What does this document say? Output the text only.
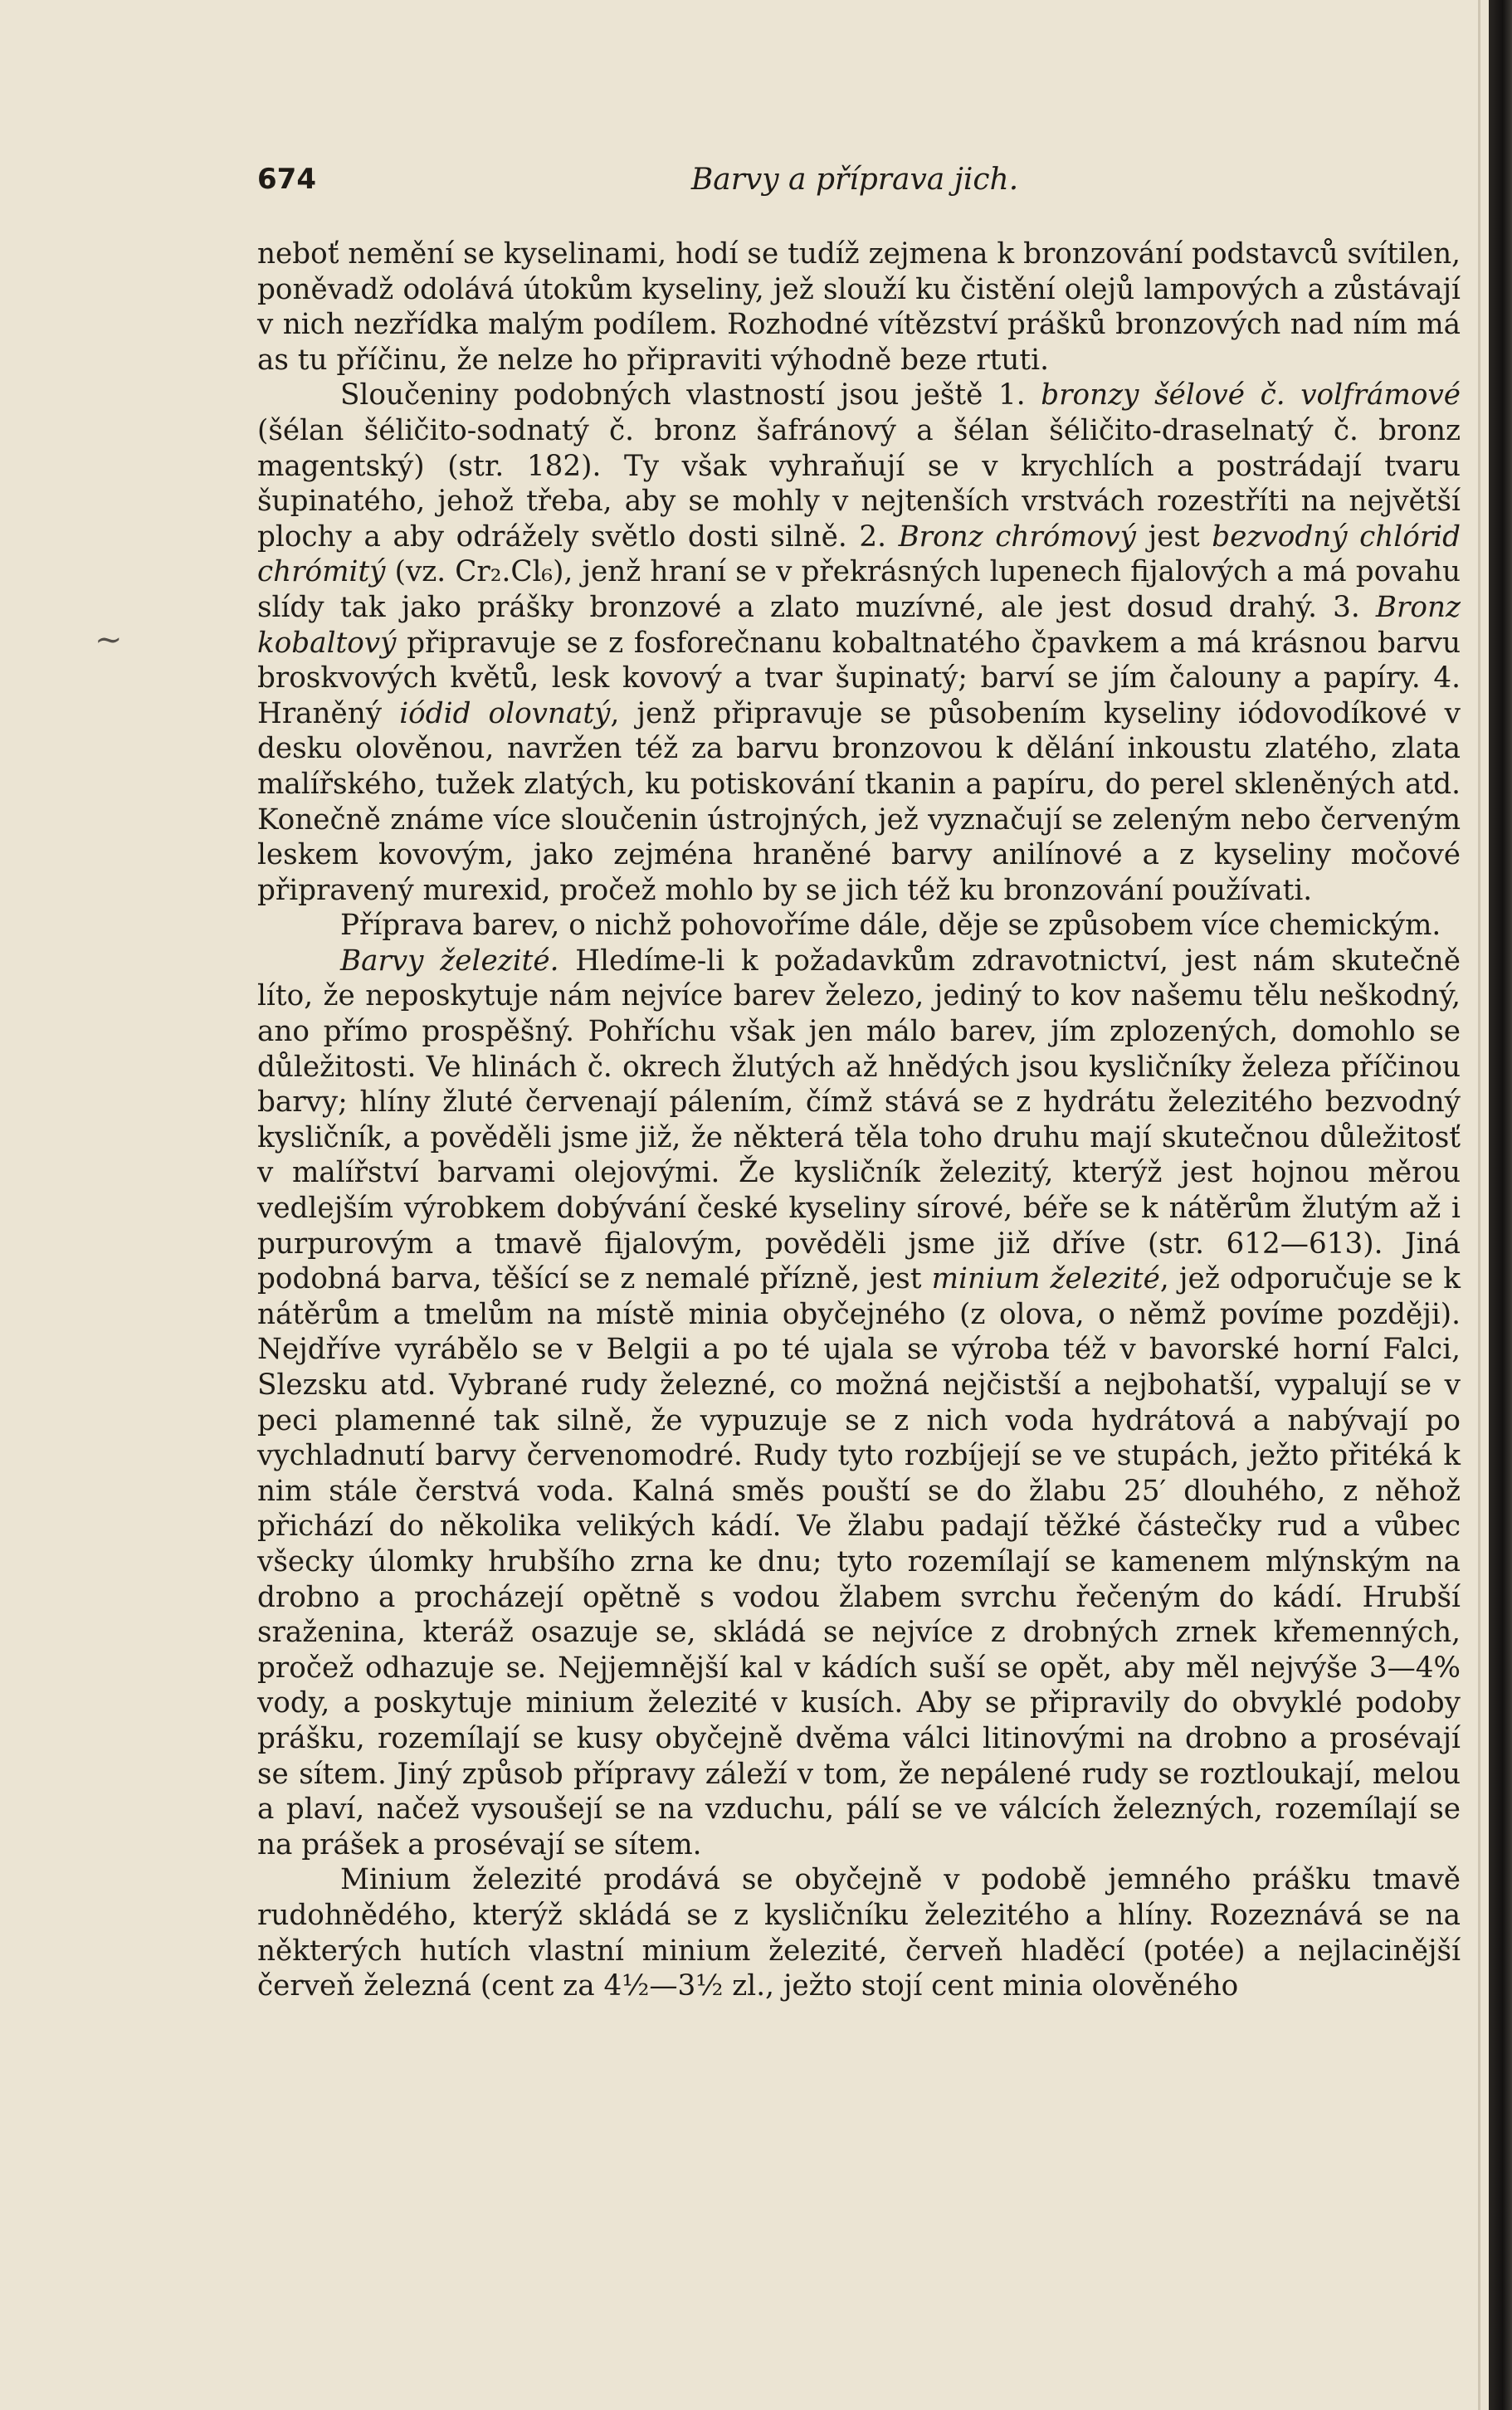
674	Barvy a příprava jich.
~

neboť nemění se kyselinami, hodí se tudíž zejmena k bronzování podstavců svítilen, poněvadž odolává útokům kyseliny, jež slouží ku čistění olejů lampových a zůstávají v nich nezřídka malým podílem. Rozhodné vítězství prášků bronzových nad ním má as tu příčinu, že nelze ho připraviti výhodně beze rtuti.

Sloučeniny podobných vlastností jsou ještě 1. bronzy šélové č. volfrámové (šélan šéličito-sodnatý č. bronz šafránový a šélan šéličito-draselnatý č. bronz magentský) (str. 182). Ty však vyhraňují se v krychlích a postrádají tvaru šupinatého, jehož třeba, aby se mohly v nejtenších vrstvách rozestříti na největší plochy a aby odrážely světlo dosti silně. 2. Bronz chrómový jest bezvodný chlórid chrómitý (vz. Cr₂.Cl₆), jenž hraní se v překrásných lupenech fijalových a má povahu slídy tak jako prášky bronzové a zlato muzívné, ale jest dosud drahý. 3. Bronz kobaltový připravuje se z fosforečnanu kobaltnatého čpavkem a má krásnou barvu broskvových květů, lesk kovový a tvar šupinatý; barví se jím čalouny a papíry. 4. Hraněný iódid olovnatý, jenž připravuje se působením kyseliny iódovodíkové v desku olověnou, navržen též za barvu bronzovou k dělání inkoustu zlatého, zlata malířského, tužek zlatých, ku potiskování tkanin a papíru, do perel skleněných atd. Konečně známe více sloučenin ústrojných, jež vyznačují se zeleným nebo červeným leskem kovovým, jako zejména hraněné barvy anilínové a z kyseliny močové připravený murexid, pročež mohlo by se jich též ku bronzování používati.

Příprava barev, o nichž pohovoříme dále, děje se způsobem více chemickým.

Barvy železité. Hledíme-li k požadavkům zdravotnictví, jest nám skutečně líto, že neposkytuje nám nejvíce barev železo, jediný to kov našemu tělu neškodný, ano přímo prospěšný. Pohříchu však jen málo barev, jím zplozených, domohlo se důležitosti. Ve hlinách č. okrech žlutých až hnědých jsou kysličníky železa příčinou barvy; hlíny žluté červenají pálením, čímž stává se z hydrátu železitého bezvodný kysličník, a pověděli jsme již, že některá těla toho druhu mají skutečnou důležitosť v malířství barvami olejovými. Že kysličník železitý, kterýž jest hojnou měrou vedlejším výrobkem dobývání české kyseliny sírové, béře se k nátěrům žlutým až i purpurovým a tmavě fijalovým, pověděli jsme již dříve (str. 612—613). Jiná podobná barva, těšící se z nemalé přízně, jest minium železité, jež odporučuje se k nátěrům a tmelům na místě minia obyčejného (z olova, o němž povíme později). Nejdříve vyrábělo se v Belgii a po té ujala se výroba též v bavorské horní Falci, Slezsku atd. Vybrané rudy železné, co možná nejčistší a nejbohatší, vypalují se v peci plamenné tak silně, že vypuzuje se z nich voda hydrátová a nabývají po vychladnutí barvy červenomodré. Rudy tyto rozbíjejí se ve stupách, ježto přitéká k nim stále čerstvá voda. Kalná směs pouští se do žlabu 25′ dlouhého, z něhož přichází do několika velikých kádí. Ve žlabu padají těžké částečky rud a vůbec všecky úlomky hrubšího zrna ke dnu; tyto rozemílají se kamenem mlýnským na drobno a procházejí opětně s vodou žlabem svrchu řečeným do kádí. Hrubší sraženina, kteráž osazuje se, skládá se nejvíce z drobných zrnek křemenných, pročež odhazuje se. Nejjemnější kal v kádích suší se opět, aby měl nejvýše 3—4% vody, a poskytuje minium železité v kusích. Aby se připravily do obvyklé podoby prášku, rozemílají se kusy obyčejně dvěma válci litinovými na drobno a prosévají se sítem. Jiný způsob přípravy záleží v tom, že nepálené rudy se roztloukají, melou a plaví, načež vysoušejí se na vzduchu, pálí se ve válcích železných, rozemílají se na prášek a prosévají se sítem.

Minium železité prodává se obyčejně v podobě jemného prášku tmavě rudohnědého, kterýž skládá se z kysličníku železitého a hlíny. Rozeznává se na některých hutích vlastní minium železité, červeň hladěcí (potée) a nejlacinější červeň železná (cent za 4½—3½ zl., ježto stojí cent minia olověného
